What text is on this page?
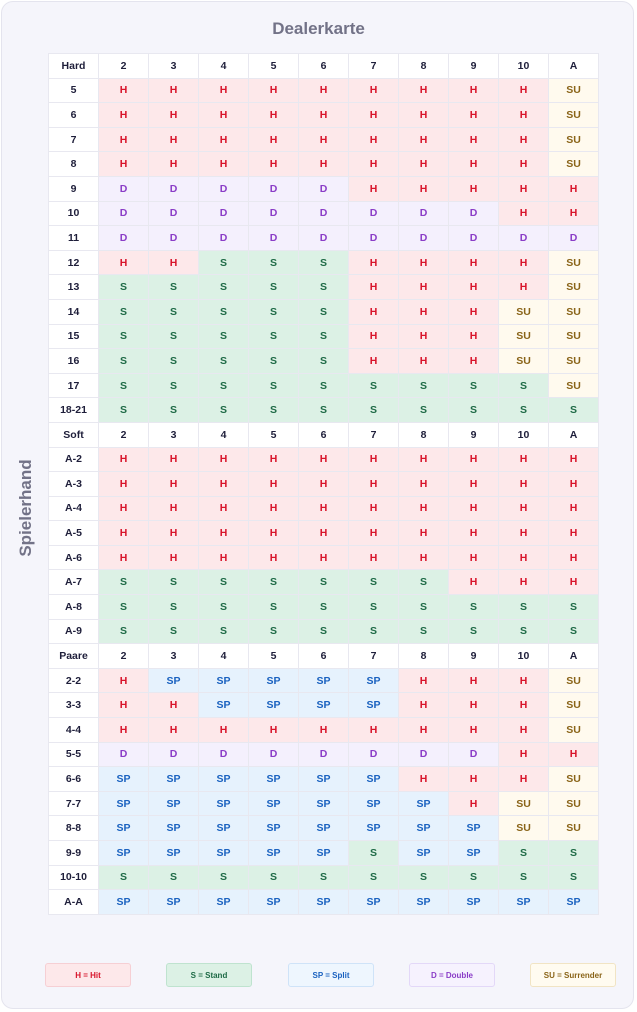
Dealerkarte
Spielerhand
Hard	2	3	4	5	6	7	8	9	10	A
5	H	H	H	H	H	H	H	H	H	SU
6	H	H	H	H	H	H	H	H	H	SU
7	H	H	H	H	H	H	H	H	H	SU
8	H	H	H	H	H	H	H	H	H	SU
9	D	D	D	D	D	H	H	H	H	H
10	D	D	D	D	D	D	D	D	H	H
11	D	D	D	D	D	D	D	D	D	D
12	H	H	S	S	S	H	H	H	H	SU
13	S	S	S	S	S	H	H	H	H	SU
14	S	S	S	S	S	H	H	H	SU	SU
15	S	S	S	S	S	H	H	H	SU	SU
16	S	S	S	S	S	H	H	H	SU	SU
17	S	S	S	S	S	S	S	S	S	SU
18-21	S	S	S	S	S	S	S	S	S	S
Soft	2	3	4	5	6	7	8	9	10	A
A-2	H	H	H	H	H	H	H	H	H	H
A-3	H	H	H	H	H	H	H	H	H	H
A-4	H	H	H	H	H	H	H	H	H	H
A-5	H	H	H	H	H	H	H	H	H	H
A-6	H	H	H	H	H	H	H	H	H	H
A-7	S	S	S	S	S	S	S	H	H	H
A-8	S	S	S	S	S	S	S	S	S	S
A-9	S	S	S	S	S	S	S	S	S	S
Paare	2	3	4	5	6	7	8	9	10	A
2-2	H	SP	SP	SP	SP	SP	H	H	H	SU
3-3	H	H	SP	SP	SP	SP	H	H	H	SU
4-4	H	H	H	H	H	H	H	H	H	SU
5-5	D	D	D	D	D	D	D	D	H	H
6-6	SP	SP	SP	SP	SP	SP	H	H	H	SU
7-7	SP	SP	SP	SP	SP	SP	SP	H	SU	SU
8-8	SP	SP	SP	SP	SP	SP	SP	SP	SU	SU
9-9	SP	SP	SP	SP	SP	S	SP	SP	S	S
10-10	S	S	S	S	S	S	S	S	S	S
A-A	SP	SP	SP	SP	SP	SP	SP	SP	SP	SP
H = Hit	S = Stand	SP = Split	D = Double	SU = Surrender
